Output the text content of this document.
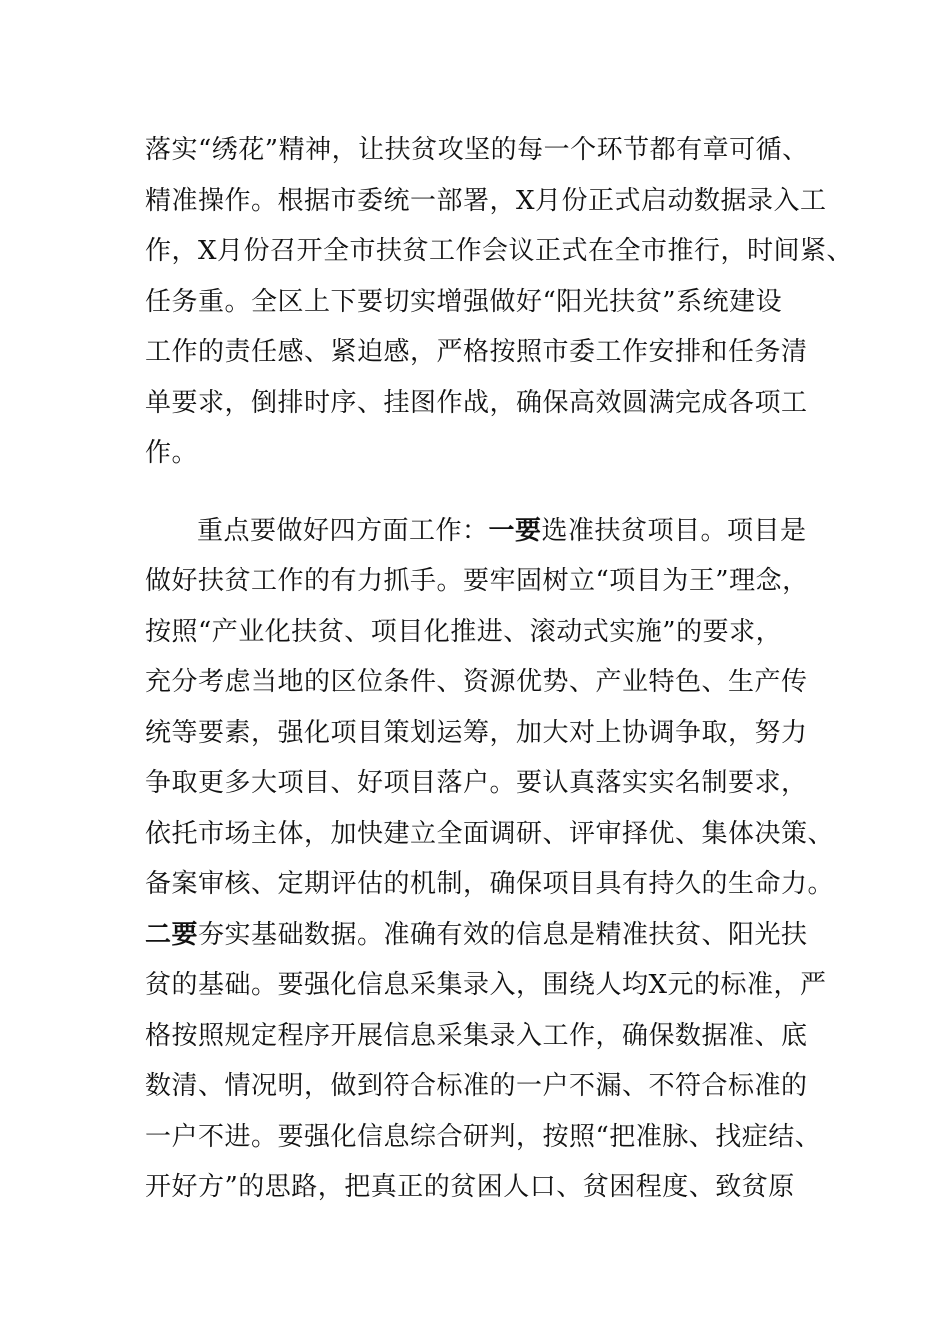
落实“绣花”精神，让扶贫攻坚的每一个环节都有章可循、
精准操作。根据市委统一部署，X月份正式启动数据录入工
作，X月份召开全市扶贫工作会议正式在全市推行，时间紧、
任务重。全区上下要切实增强做好“阳光扶贫”系统建设
工作的责任感、紧迫感，严格按照市委工作安排和任务清
单要求，倒排时序、挂图作战，确保高效圆满完成各项工
作。
重点要做好四方面工作：一要选准扶贫项目。项目是
做好扶贫工作的有力抓手。要牢固树立“项目为王”理念，
按照“产业化扶贫、项目化推进、滚动式实施”的要求，
充分考虑当地的区位条件、资源优势、产业特色、生产传
统等要素，强化项目策划运筹，加大对上协调争取，努力
争取更多大项目、好项目落户。要认真落实实名制要求，
依托市场主体，加快建立全面调研、评审择优、集体决策、
备案审核、定期评估的机制，确保项目具有持久的生命力。
二要夯实基础数据。准确有效的信息是精准扶贫、阳光扶
贫的基础。要强化信息采集录入，围绕人均X元的标准，严
格按照规定程序开展信息采集录入工作，确保数据准、底
数清、情况明，做到符合标准的一户不漏、不符合标准的
一户不进。要强化信息综合研判，按照“把准脉、找症结、
开好方”的思路，把真正的贫困人口、贫困程度、致贫原
